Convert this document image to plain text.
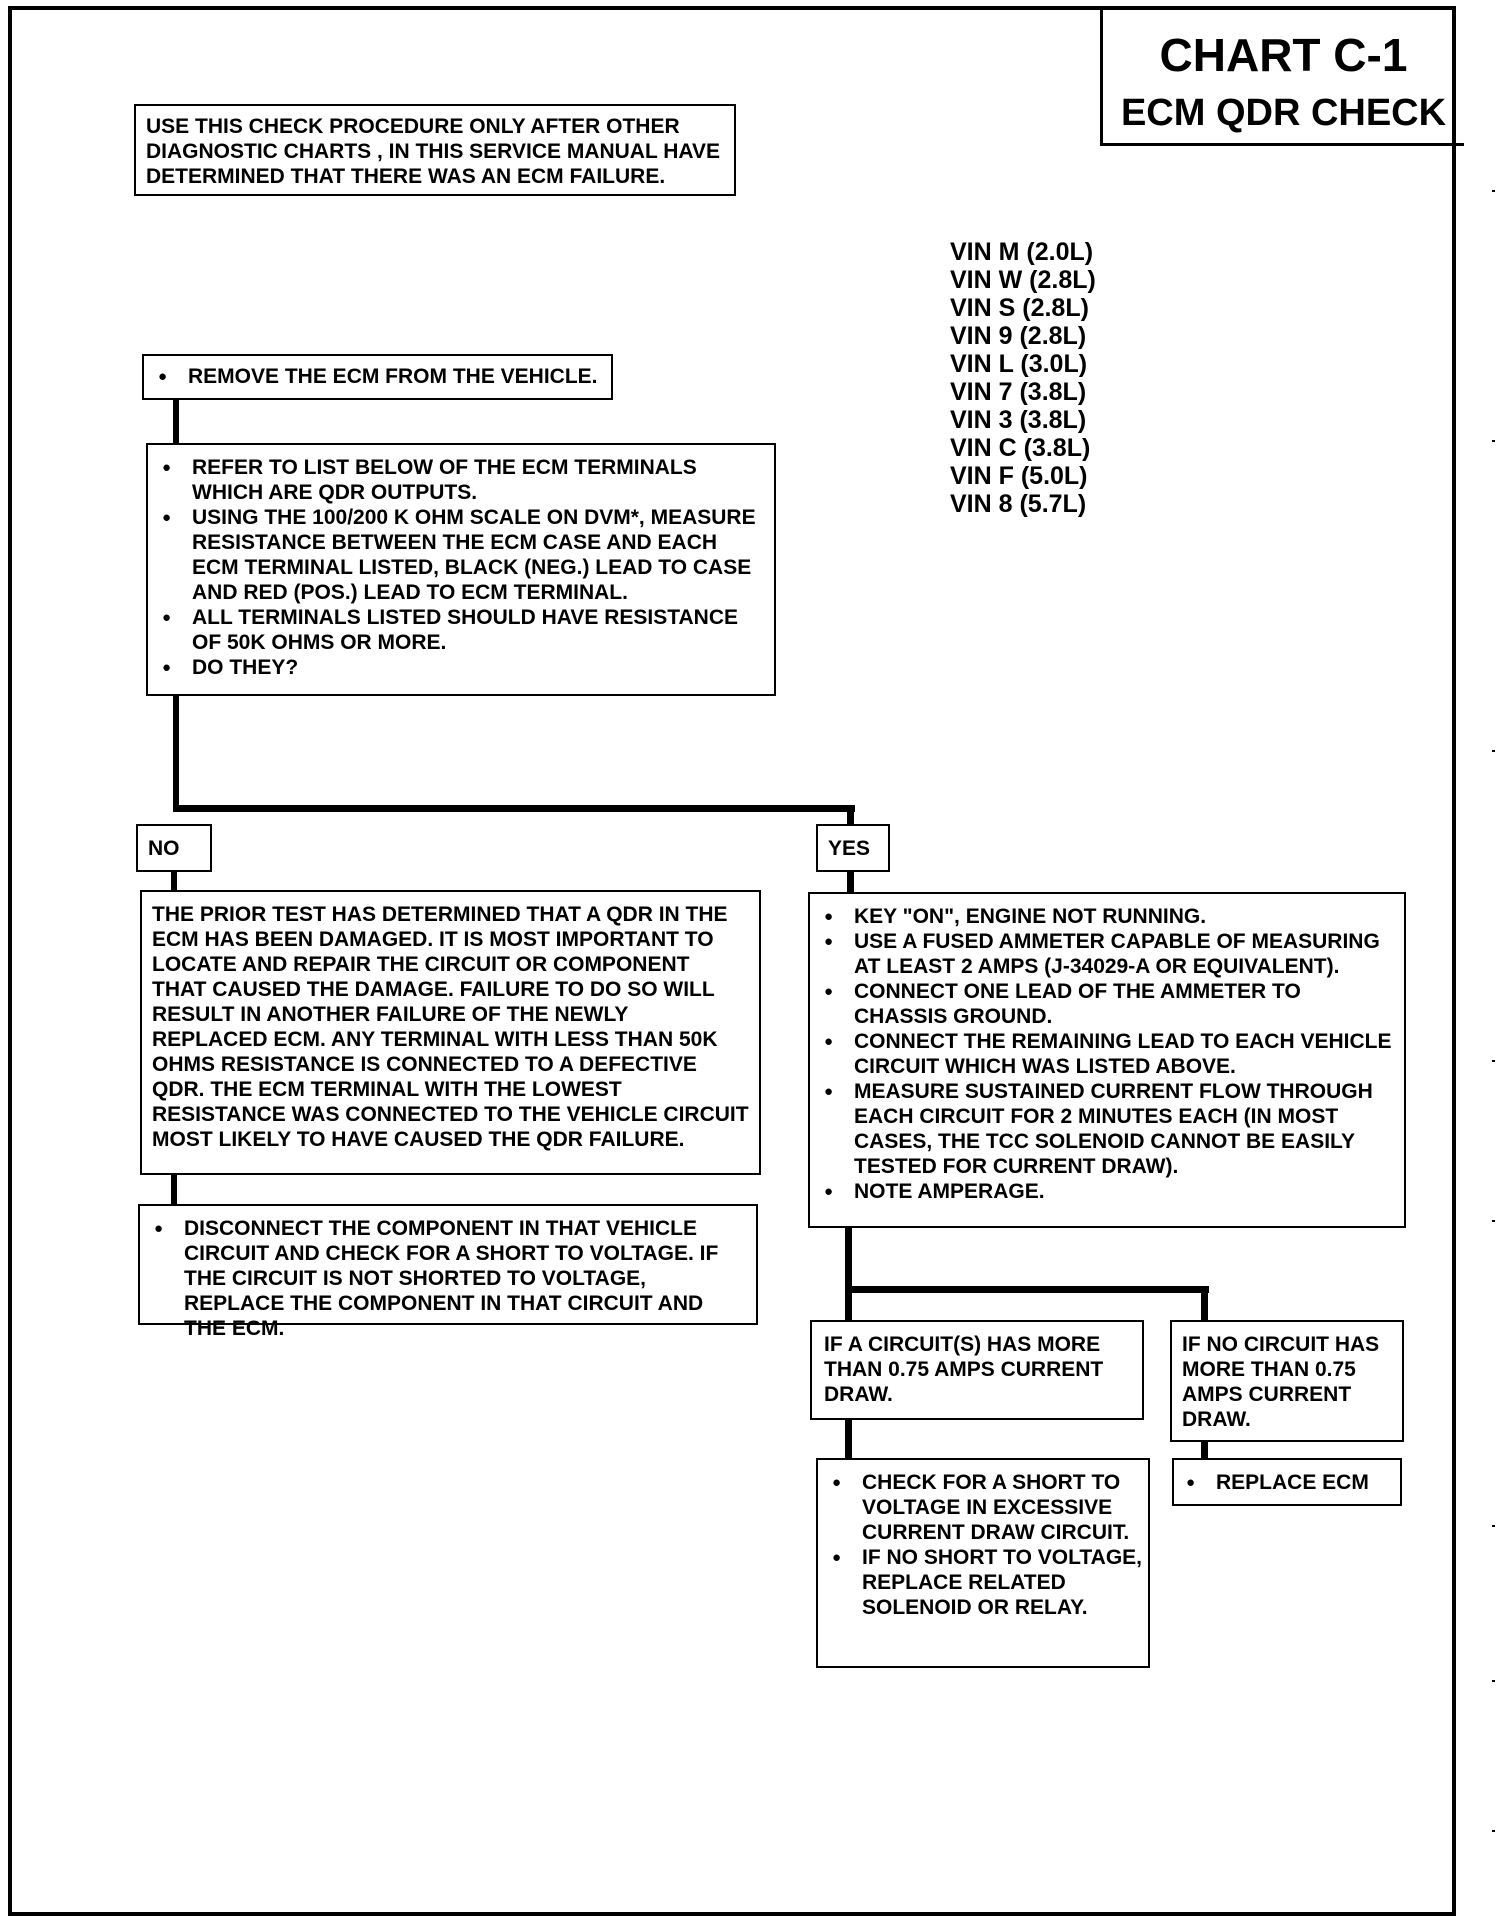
CHART C-1
ECM QDR CHECK

USE THIS CHECK PROCEDURE ONLY AFTER OTHER DIAGNOSTIC CHARTS , IN THIS SERVICE MANUAL HAVE DETERMINED THAT THERE WAS AN ECM FAILURE.

VIN M (2.0L)
VIN W (2.8L)
VIN S (2.8L)
VIN 9 (2.8L)
VIN L (3.0L)
VIN 7 (3.8L)
VIN 3 (3.8L)
VIN C (3.8L)
VIN F (5.0L)
VIN 8 (5.7L)
● REMOVE THE ECM FROM THE VEHICLE.
● REFER TO LIST BELOW OF THE ECM TERMINALS WHICH ARE QDR OUTPUTS.
● USING THE 100/200 K OHM SCALE ON DVM*, MEASURE RESISTANCE BETWEEN THE ECM CASE AND EACH ECM TERMINAL LISTED, BLACK (NEG.) LEAD TO CASE AND RED (POS.) LEAD TO ECM TERMINAL.
● ALL TERMINALS LISTED SHOULD HAVE RESISTANCE OF 50K OHMS OR MORE.
● DO THEY?
NO	YES

THE PRIOR TEST HAS DETERMINED THAT A QDR IN THE ECM HAS BEEN DAMAGED. IT IS MOST IMPORTANT TO LOCATE AND REPAIR THE CIRCUIT OR COMPONENT THAT CAUSED THE DAMAGE. FAILURE TO DO SO WILL RESULT IN ANOTHER FAILURE OF THE NEWLY REPLACED ECM. ANY TERMINAL WITH LESS THAN 50K OHMS RESISTANCE IS CONNECTED TO A DEFECTIVE QDR. THE ECM TERMINAL WITH THE LOWEST RESISTANCE WAS CONNECTED TO THE VEHICLE CIRCUIT MOST LIKELY TO HAVE CAUSED THE QDR FAILURE.

● DISCONNECT THE COMPONENT IN THAT VEHICLE CIRCUIT AND CHECK FOR A SHORT TO VOLTAGE. IF THE CIRCUIT IS NOT SHORTED TO VOLTAGE, REPLACE THE COMPONENT IN THAT CIRCUIT AND THE ECM.
● KEY "ON", ENGINE NOT RUNNING.
● USE A FUSED AMMETER CAPABLE OF MEASURING AT LEAST 2 AMPS (J-34029-A OR EQUIVALENT).
● CONNECT ONE LEAD OF THE AMMETER TO CHASSIS GROUND.
● CONNECT THE REMAINING LEAD TO EACH VEHICLE CIRCUIT WHICH WAS LISTED ABOVE.
● MEASURE SUSTAINED CURRENT FLOW THROUGH EACH CIRCUIT FOR 2 MINUTES EACH (IN MOST CASES, THE TCC SOLENOID CANNOT BE EASILY TESTED FOR CURRENT DRAW).
● NOTE AMPERAGE.

IF A CIRCUIT(S) HAS MORE THAN 0.75 AMPS CURRENT DRAW.

IF NO CIRCUIT HAS MORE THAN 0.75 AMPS CURRENT DRAW.

● CHECK FOR A SHORT TO VOLTAGE IN EXCESSIVE CURRENT DRAW CIRCUIT.
● IF NO SHORT TO VOLTAGE, REPLACE RELATED SOLENOID OR RELAY.
● REPLACE ECM
